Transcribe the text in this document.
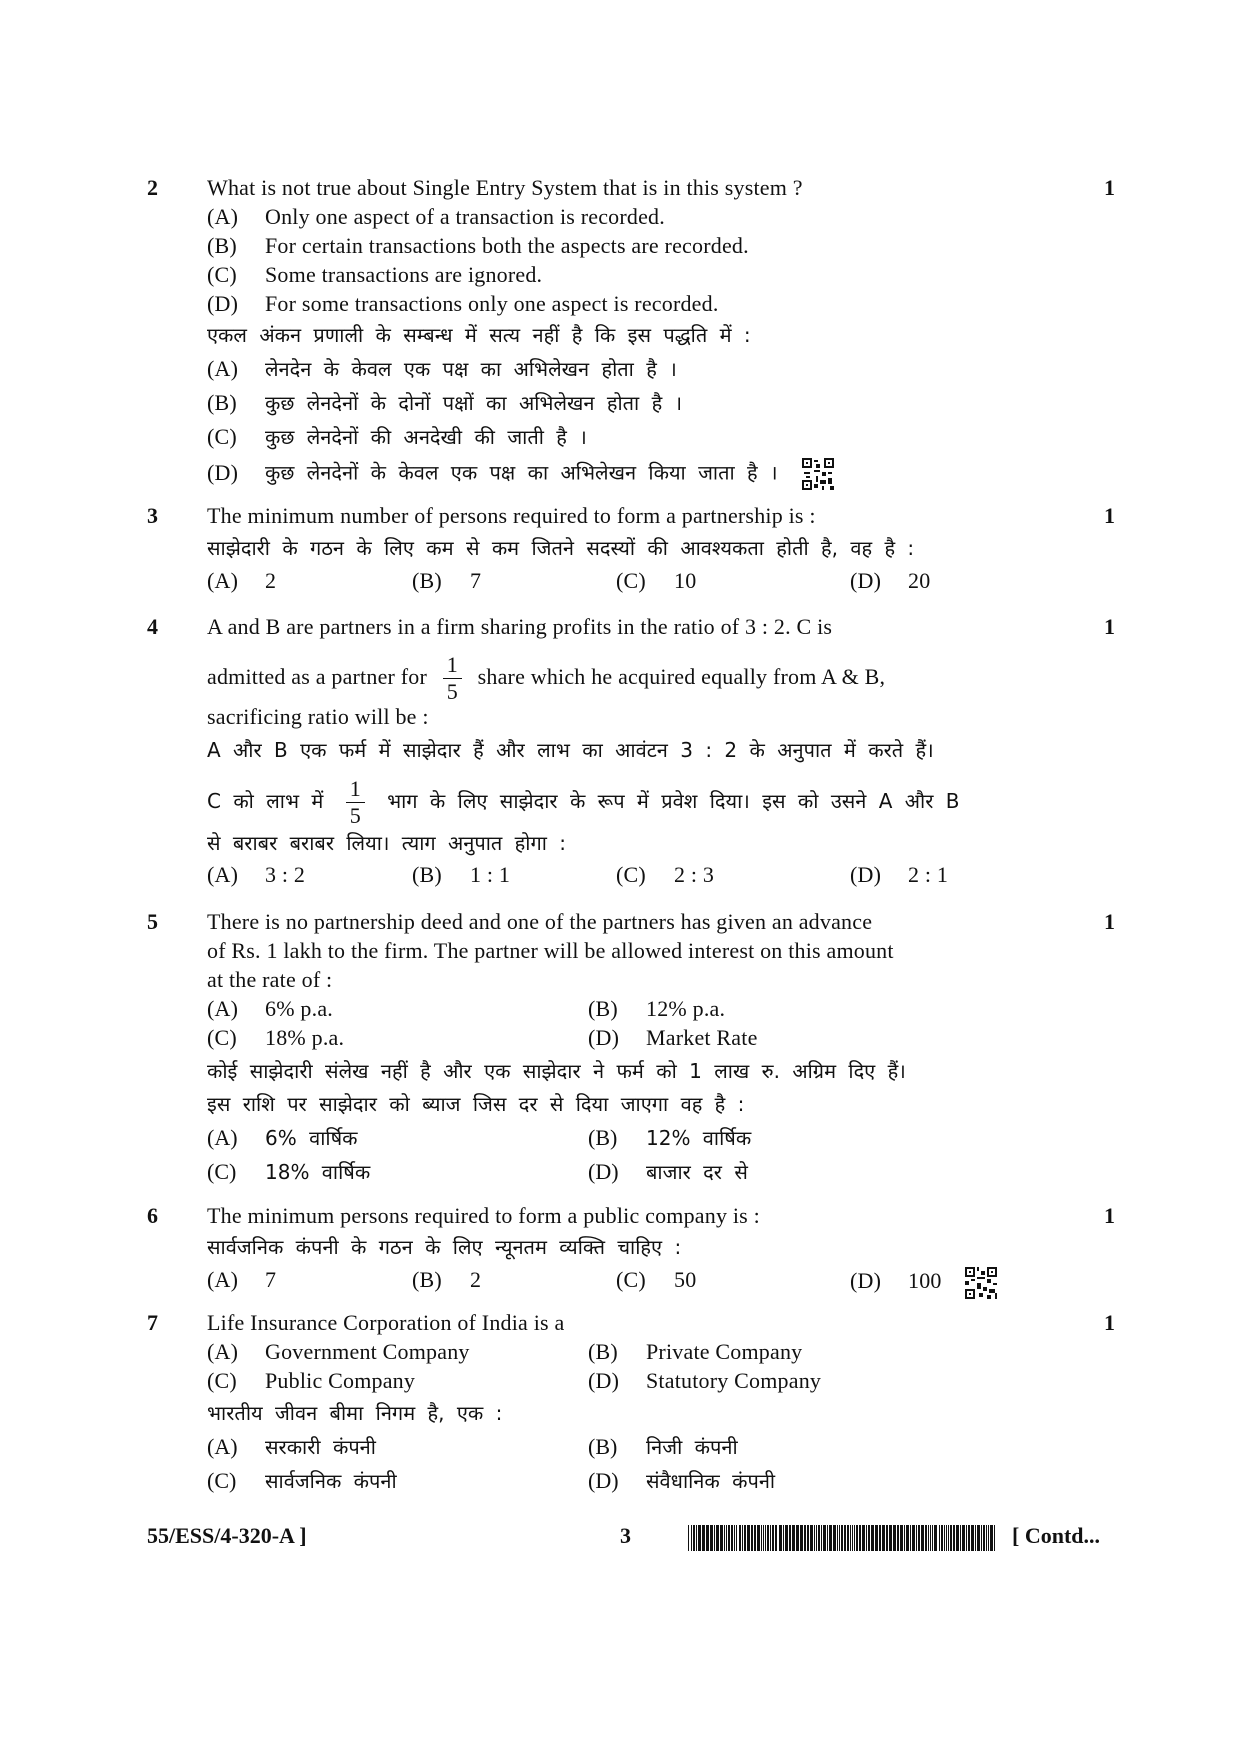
2	1
What is not true about Single Entry System that is in this system ?
(A) Only one aspect of a transaction is recorded.
(B) For certain transactions both the aspects are recorded.
(C) Some transactions are ignored.
(D) For some transactions only one aspect is recorded.
एकल अंकन प्रणाली के सम्बन्ध में सत्य नहीं है कि इस पद्धति में :
(A) लेनदेन के केवल एक पक्ष का अभिलेखन होता है ।
(B) कुछ लेनदेनों के दोनों पक्षों का अभिलेखन होता है ।
(C) कुछ लेनदेनों की अनदेखी की जाती है ।
(D) कुछ लेनदेनों के केवल एक पक्ष का अभिलेखन किया जाता है ।
3	1
The minimum number of persons required to form a partnership is :
साझेदारी के गठन के लिए कम से कम जितने सदस्यों की आवश्यकता होती है, वह है :
(A) 2	(B) 7	(C) 10	(D) 20
4	1
A and B are partners in a firm sharing profits in the ratio of 3 : 2. C is
admitted as a partner for $\frac{1}{5}$ share which he acquired equally from A & B,
sacrificing ratio will be :
A और B एक फर्म में साझेदार हैं और लाभ का आवंटन 3 : 2 के अनुपात में करते हैं।
C को लाभ में $\frac{1}{5}$ भाग के लिए साझेदार के रूप में प्रवेश दिया। इस को उसने A और B
से बराबर बराबर लिया। त्याग अनुपात होगा :
(A) 3 : 2	(B) 1 : 1	(C) 2 : 3	(D) 2 : 1
5	1
There is no partnership deed and one of the partners has given an advance
of Rs. 1 lakh to the firm. The partner will be allowed interest on this amount
at the rate of :
(A) 6% p.a.	(B) 12% p.a.
(C) 18% p.a.	(D) Market Rate
कोई साझेदारी संलेख नहीं है और एक साझेदार ने फर्म को 1 लाख रु. अग्रिम दिए हैं।
इस राशि पर साझेदार को ब्याज जिस दर से दिया जाएगा वह है :
(A) 6% वार्षिक	(B) 12% वार्षिक
(C) 18% वार्षिक	(D) बाजार दर से
6	1
The minimum persons required to form a public company is :
सार्वजनिक कंपनी के गठन के लिए न्यूनतम व्यक्ति चाहिए :
(A) 7	(B) 2	(C) 50	(D) 100
7	1
Life Insurance Corporation of India is a
(A) Government Company	(B) Private Company
(C) Public Company	(D) Statutory Company
भारतीय जीवन बीमा निगम है, एक :
(A) सरकारी कंपनी	(B) निजी कंपनी
(C) सार्वजनिक कंपनी	(D) संवैधानिक कंपनी
55/ESS/4-320-A ]	3	[ Contd...
